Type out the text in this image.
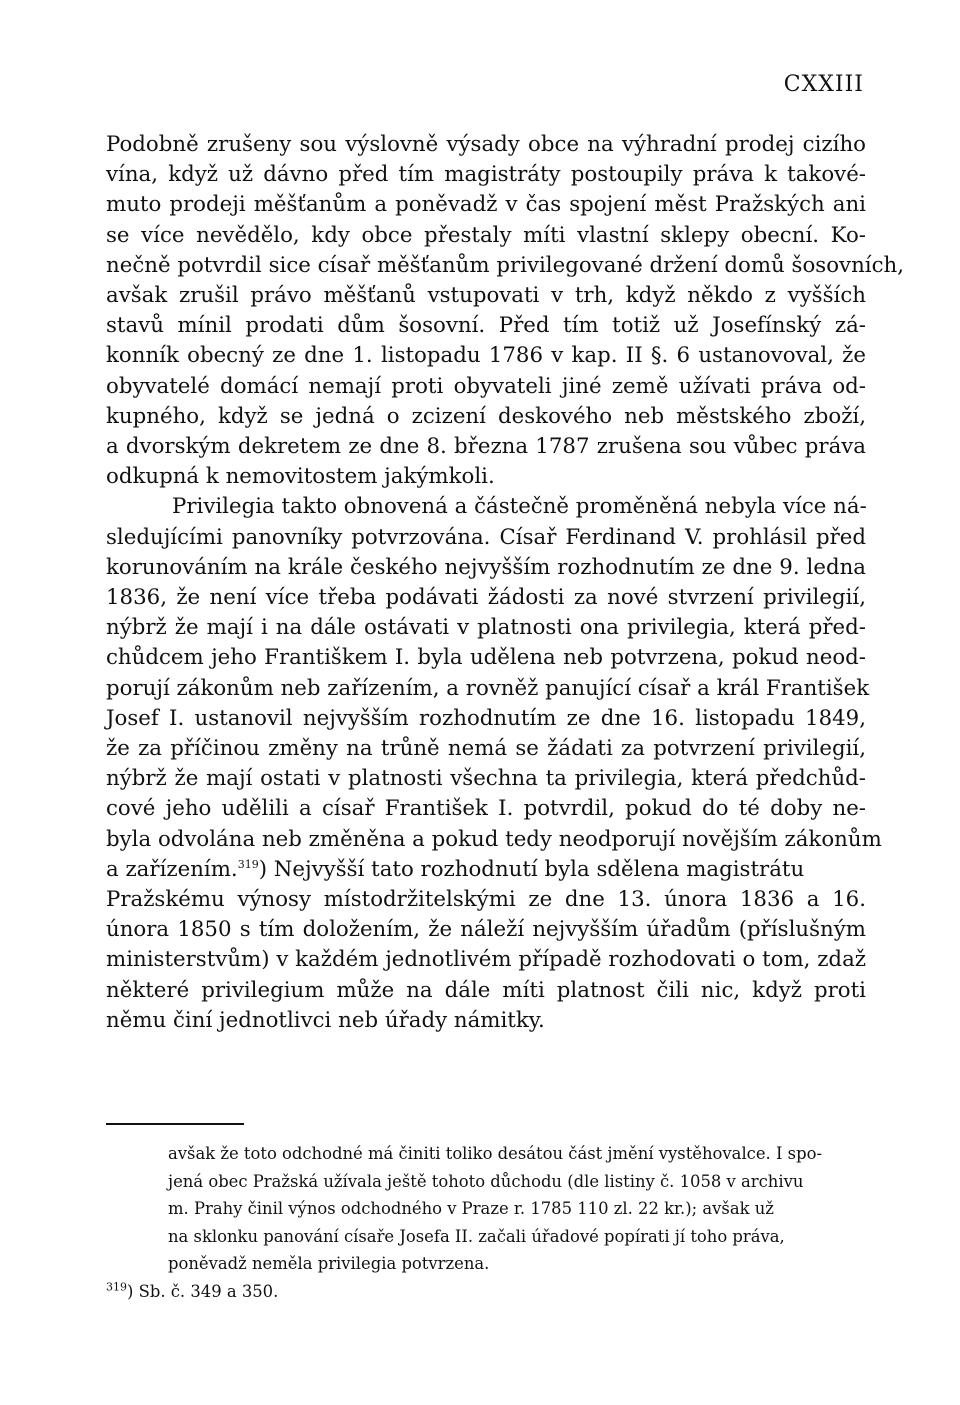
CXXIII
Podobně zrušeny sou výslovně výsady obce na výhradní prodej cizího
vína, když už dávno před tím magistráty postoupily práva k takové-
muto prodeji měšťanům a poněvadž v čas spojení měst Pražských ani
se více nevědělo, kdy obce přestaly míti vlastní sklepy obecní. Ko-
nečně potvrdil sice císař měšťanům privilegované držení domů šosovních,
avšak zrušil právo měšťanů vstupovati v trh, když někdo z vyšších
stavů mínil prodati dům šosovní. Před tím totiž už Josefínský zá-
konník obecný ze dne 1. listopadu 1786 v kap. II §. 6 ustanovoval, že
obyvatelé domácí nemají proti obyvateli jiné země užívati práva od-
kupného, když se jedná o zcizení deskového neb městského zboží,
a dvorským dekretem ze dne 8. března 1787 zrušena sou vůbec práva
odkupná k nemovitostem jakýmkoli.
Privilegia takto obnovená a částečně proměněná nebyla více ná-
sledujícími panovníky potvrzována. Císař Ferdinand V. prohlásil před
korunováním na krále českého nejvyšším rozhodnutím ze dne 9. ledna
1836, že není více třeba podávati žádosti za nové stvrzení privilegií,
nýbrž že mají i na dále ostávati v platnosti ona privilegia, která před-
chůdcem jeho Františkem I. byla udělena neb potvrzena, pokud neod-
porují zákonům neb zařízením, a rovněž panující císař a král František
Josef I. ustanovil nejvyšším rozhodnutím ze dne 16. listopadu 1849,
že za příčinou změny na trůně nemá se žádati za potvrzení privilegií,
nýbrž že mají ostati v platnosti všechna ta privilegia, která předchůd-
cové jeho udělili a císař František I. potvrdil, pokud do té doby ne-
byla odvolána neb změněna a pokud tedy neodporují novějším zákonům
a zařízením.$^{319}$) Nejvyšší tato rozhodnutí byla sdělena magistrátu
Pražskému výnosy místodržitelskými ze dne 13. února 1836 a 16.
února 1850 s tím doložením, že náleží nejvyšším úřadům (příslušným
ministerstvům) v každém jednotlivém případě rozhodovati o tom, zdaž
některé privilegium může na dále míti platnost čili nic, když proti
němu činí jednotlivci neb úřady námitky.
avšak že toto odchodné má činiti toliko desátou část jmění vystěhovalce. I spo-
jená obec Pražská užívala ještě tohoto důchodu (dle listiny č. 1058 v archivu
m. Prahy činil výnos odchodného v Praze r. 1785 110 zl. 22 kr.); avšak už
na sklonku panování císaře Josefa II. začali úřadové popírati jí toho práva,
poněvadž neměla privilegia potvrzena.
$^{319}$) Sb. č. 349 a 350.
